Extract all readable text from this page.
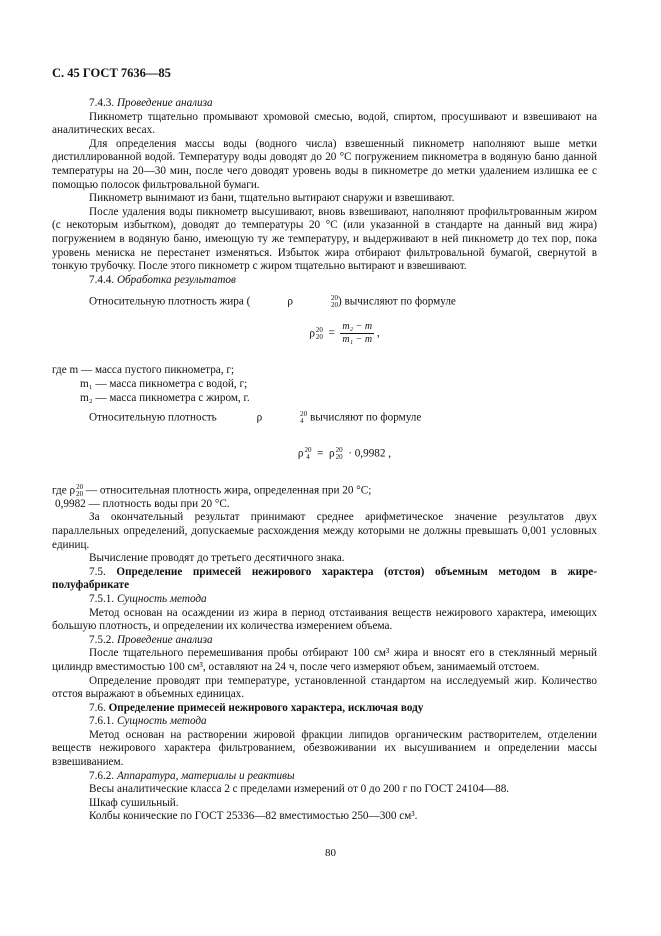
С. 45 ГОСТ 7636—85

7.4.3. Проведение анализа

Пикнометр тщательно промывают хромовой смесью, водой, спиртом, просушивают и взвешивают на аналитических весах.

Для определения массы воды (водного числа) взвешенный пикнометр наполняют выше метки дистиллированной водой. Температуру воды доводят до 20 °С погружением пикнометра в водяную баню данной температуры на 20—30 мин, после чего доводят уровень воды в пикнометре до метки удалением излишка ее с помощью полосок фильтровальной бумаги.

Пикнометр вынимают из бани, тщательно вытирают снаружи и взвешивают.

После удаления воды пикнометр высушивают, вновь взвешивают, наполняют профильтрованным жиром (с некоторым избытком), доводят до температуры 20 °С (или указанной в стандарте на данный вид жира) погружением в водяную баню, имеющую ту же температуру, и выдерживают в ней пикнометр до тех пор, пока уровень мениска не перестанет изменяться. Избыток жира отбирают фильтровальной бумагой, свернутой в тонкую трубочку. После этого пикнометр с жиром тщательно вытирают и взвешивают.

7.4.4. Обработка результатов

Относительную плотность жира (	ρ	20
20 ) вычисляют по формуле

ρ 20
$20 = \frac{\text{m₂ − m}}{\text{m₁ − m}}$ ,

где m — масса пустого пикнометра, г;

m₁ — масса пикнометра с водой, г;

m₂ — масса пикнометра с жиром, г.

Относительную плотность	ρ	20
4 вычисляют по формуле

ρ 20
4 = ρ 20
20 · 0,9982 ,

где ρ 20
20 — относительная плотность жира, определенная при 20 °С;

0,9982 — плотность воды при 20 °С.

За окончательный результат принимают среднее арифметическое значение результатов двух параллельных определений, допускаемые расхождения между которыми не должны превышать 0,001 условных единиц.

Вычисление проводят до третьего десятичного знака.

7.5. Определение примесей нежирового характера (отстоя) объемным методом в жире-полуфабрикате

7.5.1. Сущность метода

Метод основан на осаждении из жира в период отстаивания веществ нежирового характера, имеющих большую плотность, и определении их количества измерением объема.

7.5.2. Проведение анализа

После тщательного перемешивания пробы отбирают 100 см³ жира и вносят его в стеклянный мерный цилиндр вместимостью 100 см³, оставляют на 24 ч, после чего измеряют объем, занимаемый отстоем.

Определение проводят при температуре, установленной стандартом на исследуемый жир. Количество отстоя выражают в объемных единицах.

7.6. Определение примесей нежирового характера, исключая воду

7.6.1. Сущность метода

Метод основан на растворении жировой фракции липидов органическим растворителем, отделении веществ нежирового характера фильтрованием, обезвоживании их высушиванием и определении массы взвешиванием.

7.6.2. Аппаратура, материалы и реактивы

Весы аналитические класса 2 с пределами измерений от 0 до 200 г по ГОСТ 24104—88.

Шкаф сушильный.

Колбы конические по ГОСТ 25336—82 вместимостью 250—300 см³.

80
